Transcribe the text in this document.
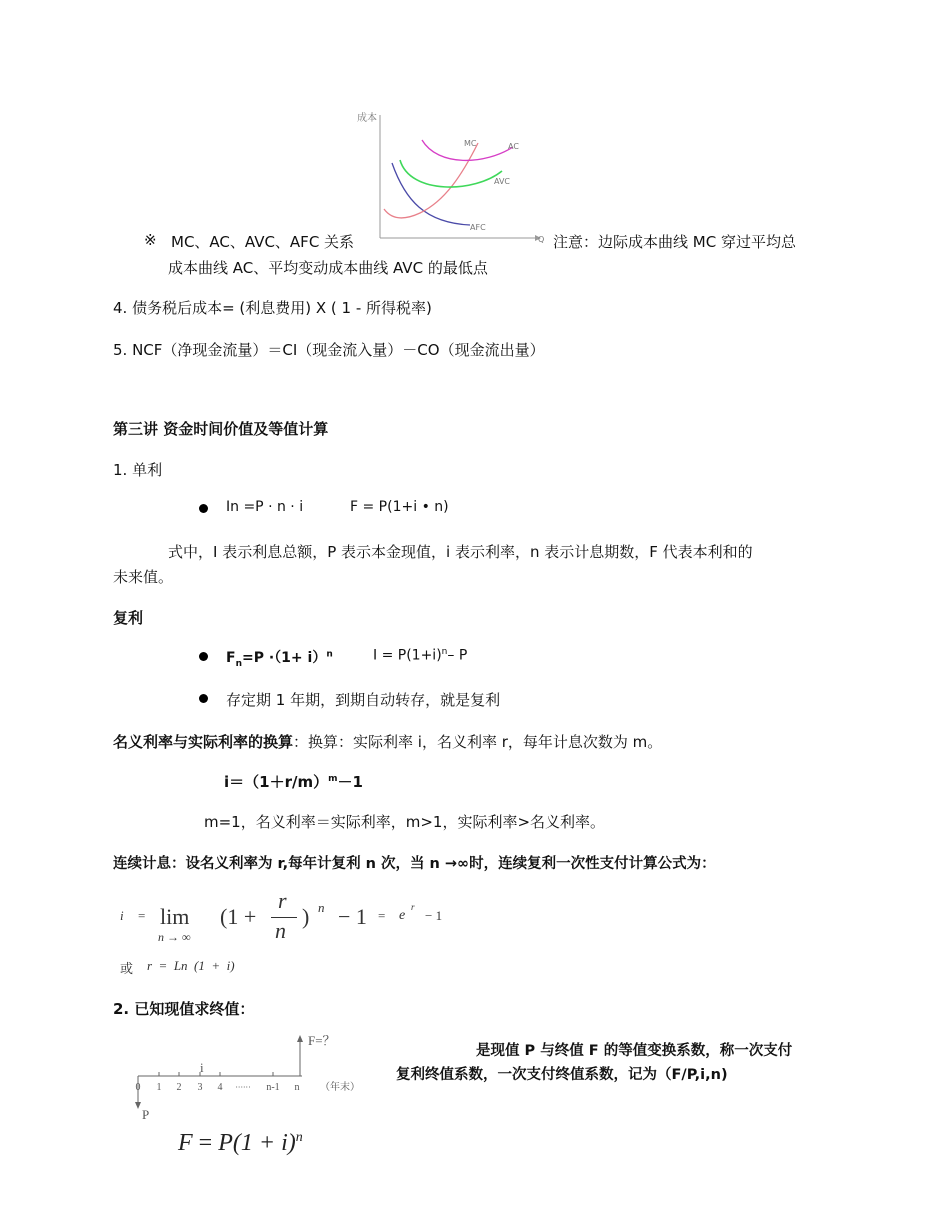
成本
Q
MC	AC
AVC
AFC
※ MC、AC、AVC、AFC 关系	注意：边际成本曲线 MC 穿过平均总
成本曲线 AC、平均变动成本曲线 AVC 的最低点
4. 债务税后成本= (利息费用) X ( 1 - 所得税率)
5. NCF（净现金流量）＝CI（现金流入量）－CO（现金流出量）
第三讲 资金时间价值及等值计算
1. 单利
In =P · n · i	F = P(1+i • n)
式中，I 表示利息总额，P 表示本金现值，i 表示利率，n 表示计息期数，F 代表本利和的
未来值。
复利
$F_n=P \cdot(1+ i)^n$	$I = P(1+i)^n-$ P
存定期 1 年期，到期自动转存，就是复利
名义利率与实际利率的换算：换算：实际利率 i，名义利率 r，每年计息次数为 m。
$i=(1+r/m)^m-1$
m=1，名义利率＝实际利率，m>1，实际利率>名义利率。
连续计息：设名义利率为 r,每年计复利 n 次，当 n →∞时，连续复利一次性支付计算公式为：
i = lim
n → ∞
(1 +
r
n
) n − 1 = e
r
− 1
或 r  =  Ln  (1  +  i)
2. 已知现值求终值：
F=？
i
P
0 1 2 3 4 ······ n-1 n （年末）
$F = P(1 + i)^n$
是现值 P 与终值 F 的等值变换系数，称一次支付
复利终值系数，一次支付终值系数，记为（F/P,i,n)
